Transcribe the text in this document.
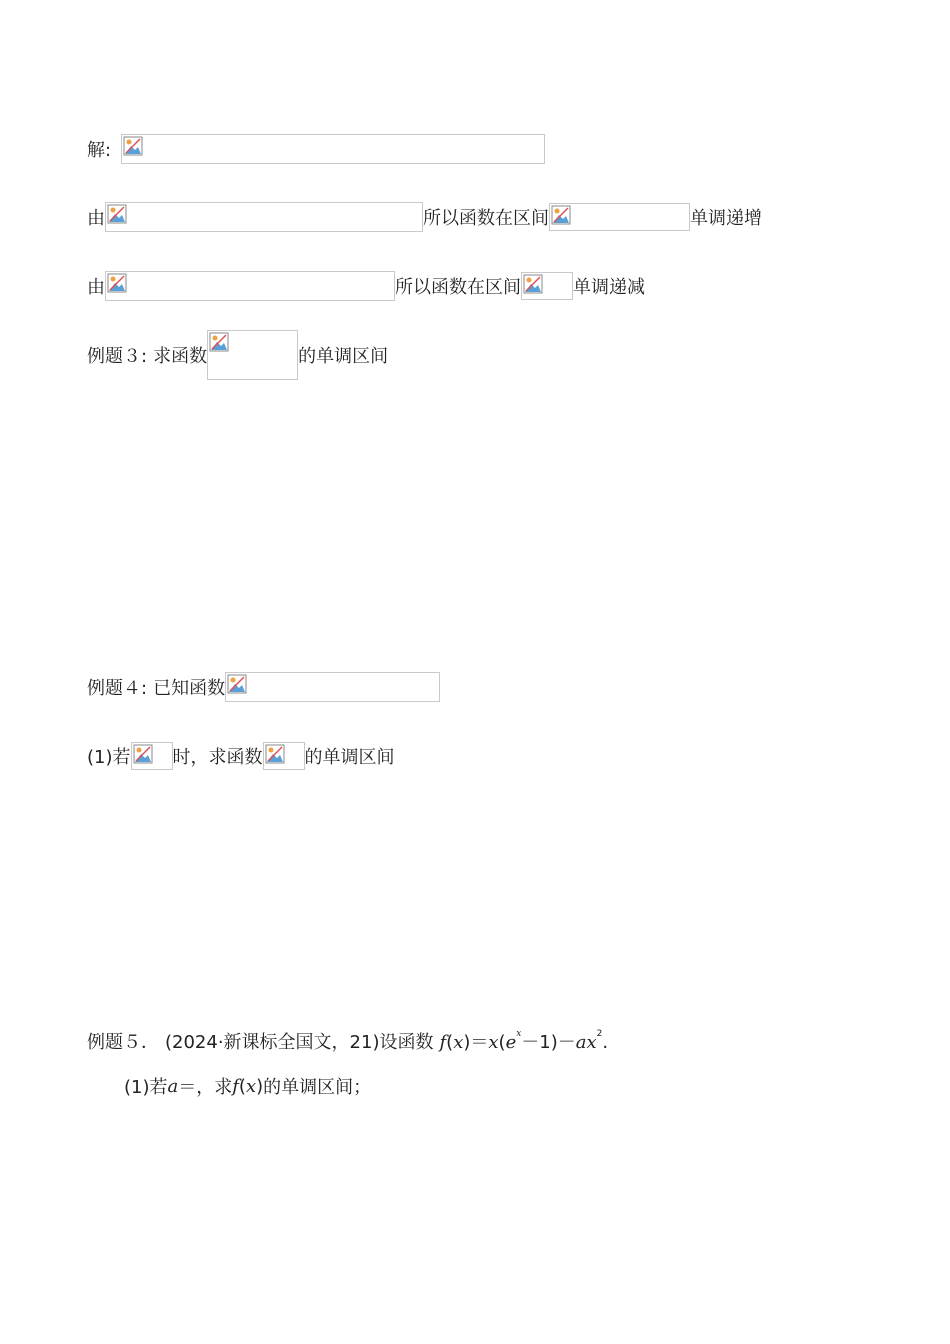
解:
由	所以函数在区间	单调递增
由	所以函数在区间	单调递减
例题３: 求函数	的单调区间
例题４: 已知函数
(1)若 时，求函数 的单调区间
例题５． (2024·新课标全国文，21)设函数 $f(x)=x(e^x-1)-ax^2$.
(1)若 a ＝，求 f ( x ) 的单调区间；
